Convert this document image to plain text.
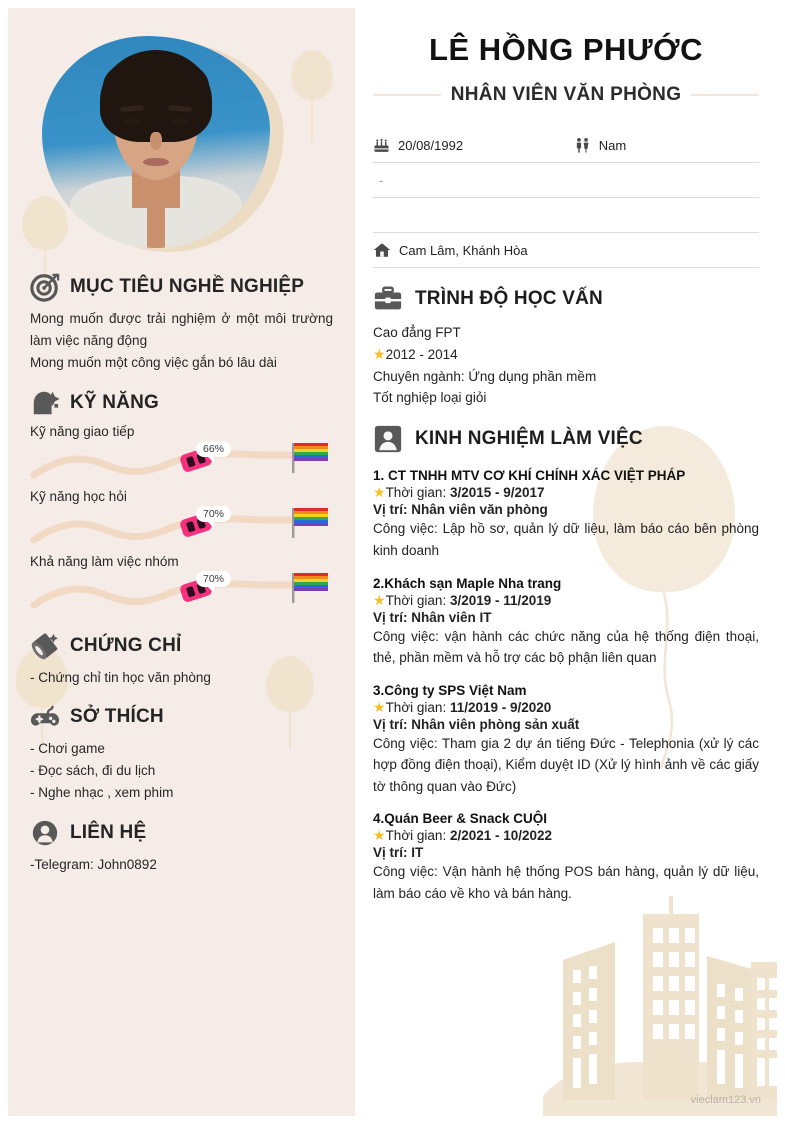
MỤC TIÊU NGHỀ NGHIỆP
Mong muốn được trải nghiệm ở một môi trường làm việc năng động
Mong muốn một công việc gắn bó lâu dài
KỸ NĂNG
Kỹ năng giao tiếp
66%
Kỹ năng học hỏi
70%
Khả năng làm việc nhóm
70%
CHỨNG CHỈ
- Chứng chỉ tin học văn phòng
SỞ THÍCH
- Chơi game
- Đọc sách, đi du lịch
- Nghe nhạc , xem phim
LIÊN HỆ
-Telegram: John0892
LÊ HỒNG PHƯỚC
NHÂN VIÊN VĂN PHÒNG
20/08/1992	Nam
-
Cam Lâm, Khánh Hòa
TRÌNH ĐỘ HỌC VẤN

Cao đẳng FPT

★2012 - 2014

Chuyên ngành: Ứng dụng phần mềm

Tốt nghiệp loại giỏi

KINH NGHIỆM LÀM VIỆC

1. CT TNHH MTV CƠ KHÍ CHÍNH XÁC VIỆT PHÁP

★Thời gian: 3/2015 - 9/2017

Vị trí: Nhân viên văn phòng

Công việc: Lập hồ sơ, quản lý dữ liệu, làm báo cáo bên phòng kinh doanh

2.Khách sạn Maple Nha trang

★Thời gian: 3/2019 - 11/2019

Vị trí: Nhân viên IT

Công việc: vận hành các chức năng của hệ thống điện thoại, thẻ, phần mềm và hỗ trợ các bộ phận liên quan

3.Công ty SPS Việt Nam

★Thời gian: 11/2019 - 9/2020

Vị trí: Nhân viên phòng sản xuất

Công việc: Tham gia 2 dự án tiếng Đức - Telephonia (xử lý các hợp đồng điện thoại), Kiểm duyệt ID (Xử lý hình ảnh về các giấy tờ thông quan vào Đức)

4.Quán Beer & Snack CUỘI

★Thời gian: 2/2021 - 10/2022

Vị trí: IT

Công việc: Vận hành hệ thống POS bán hàng, quản lý dữ liệu, làm báo cáo về kho và bán hàng.

vieclam123.vn
